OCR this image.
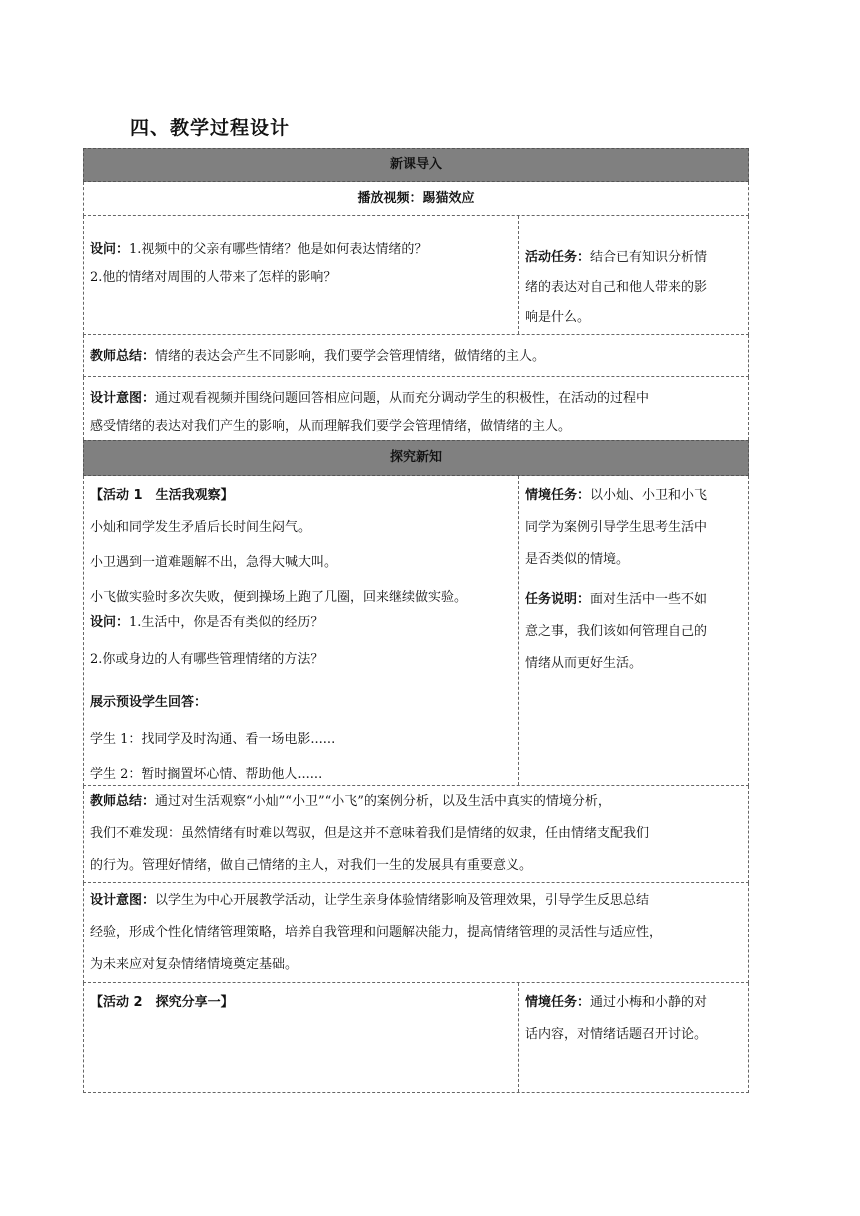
四、教学过程设计
新课导入
播放视频：踢猫效应
设问：1.视频中的父亲有哪些情绪？他是如何表达情绪的？
2.他的情绪对周围的人带来了怎样的影响？
活动任务：结合已有知识分析情
绪的表达对自己和他人带来的影
响是什么。
教师总结：情绪的表达会产生不同影响，我们要学会管理情绪，做情绪的主人。
设计意图：通过观看视频并围绕问题回答相应问题，从而充分调动学生的积极性，在活动的过程中
感受情绪的表达对我们产生的影响，从而理解我们要学会管理情绪，做情绪的主人。
探究新知
【活动 1　生活我观察】
小灿和同学发生矛盾后长时间生闷气。
小卫遇到一道难题解不出，急得大喊大叫。
小飞做实验时多次失败，便到操场上跑了几圈，回来继续做实验。
设问：1.生活中，你是否有类似的经历？
2.你或身边的人有哪些管理情绪的方法？
展示预设学生回答：
学生 1：找同学及时沟通、看一场电影......
学生 2：暂时搁置坏心情、帮助他人......
情境任务：以小灿、小卫和小飞
同学为案例引导学生思考生活中
是否类似的情境。
任务说明：面对生活中一些不如
意之事，我们该如何管理自己的
情绪从而更好生活。
教师总结：通过对生活观察“小灿”“小卫”“小飞”的案例分析，以及生活中真实的情境分析，
我们不难发现：虽然情绪有时难以驾驭，但是这并不意味着我们是情绪的奴隶，任由情绪支配我们
的行为。管理好情绪，做自己情绪的主人，对我们一生的发展具有重要意义。
设计意图：以学生为中心开展教学活动，让学生亲身体验情绪影响及管理效果，引导学生反思总结
经验，形成个性化情绪管理策略，培养自我管理和问题解决能力，提高情绪管理的灵活性与适应性，
为未来应对复杂情绪情境奠定基础。
【活动 2　探究分享一】	情境任务：通过小梅和小静的对
话内容，对情绪话题召开讨论。
